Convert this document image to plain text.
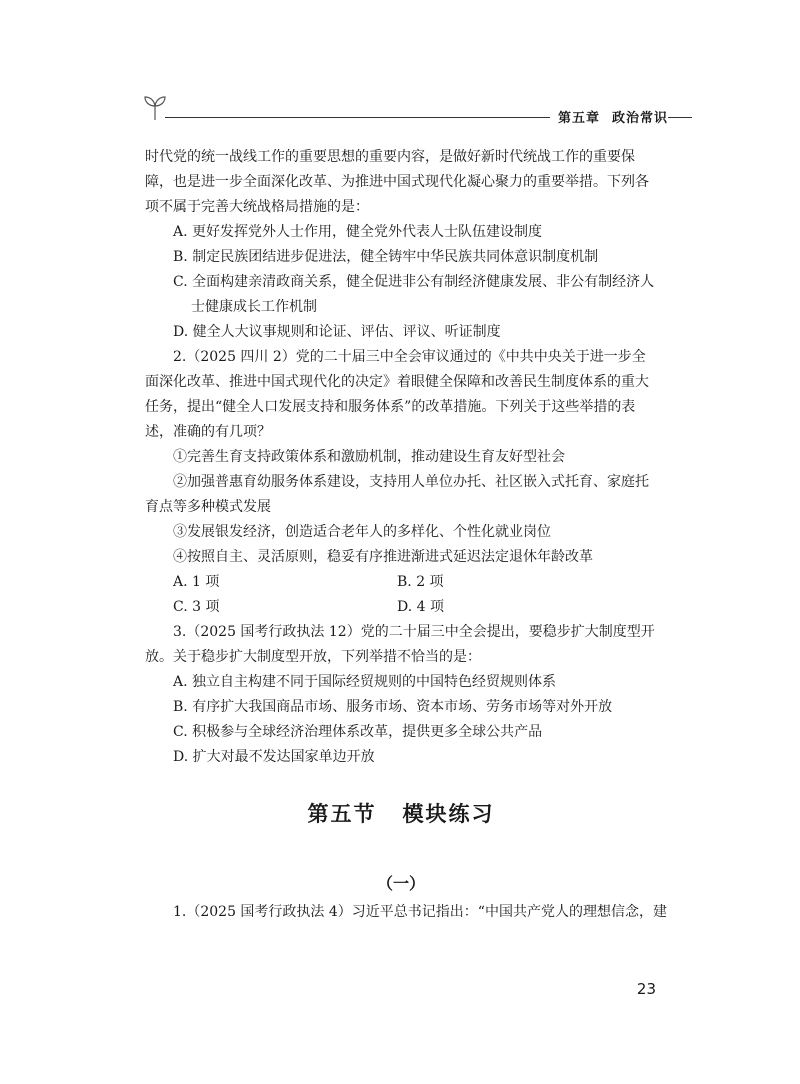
第五章 政治常识

时代党的统一战线工作的重要思想的重要内容，是做好新时代统战工作的重要保障，也是进一步全面深化改革、为推进中国式现代化凝心聚力的重要举措。下列各项不属于完善大统战格局措施的是：

A. 更好发挥党外人士作用，健全党外代表人士队伍建设制度

B. 制定民族团结进步促进法，健全铸牢中华民族共同体意识制度机制

C. 全面构建亲清政商关系，健全促进非公有制经济健康发展、非公有制经济人士健康成长工作机制

D. 健全人大议事规则和论证、评估、评议、听证制度

2.（2025 四川 2）党的二十届三中全会审议通过的《中共中央关于进一步全面深化改革、推进中国式现代化的决定》着眼健全保障和改善民生制度体系的重大任务，提出“健全人口发展支持和服务体系”的改革措施。下列关于这些举措的表述，准确的有几项？

①完善生育支持政策体系和激励机制，推动建设生育友好型社会

②加强普惠育幼服务体系建设，支持用人单位办托、社区嵌入式托育、家庭托育点等多种模式发展

③发展银发经济，创造适合老年人的多样化、个性化就业岗位

④按照自主、灵活原则，稳妥有序推进渐进式延迟法定退休年龄改革

A. 1 项	B. 2 项

C. 3 项	D. 4 项

3.（2025 国考行政执法 12）党的二十届三中全会提出，要稳步扩大制度型开放。关于稳步扩大制度型开放，下列举措不恰当的是：

A. 独立自主构建不同于国际经贸规则的中国特色经贸规则体系

B. 有序扩大我国商品市场、服务市场、资本市场、劳务市场等对外开放

C. 积极参与全球经济治理体系改革，提供更多全球公共产品

D. 扩大对最不发达国家单边开放

第五节 模块练习
（一）

1.（2025 国考行政执法 4）习近平总书记指出：“中国共产党人的理想信念，建

23
